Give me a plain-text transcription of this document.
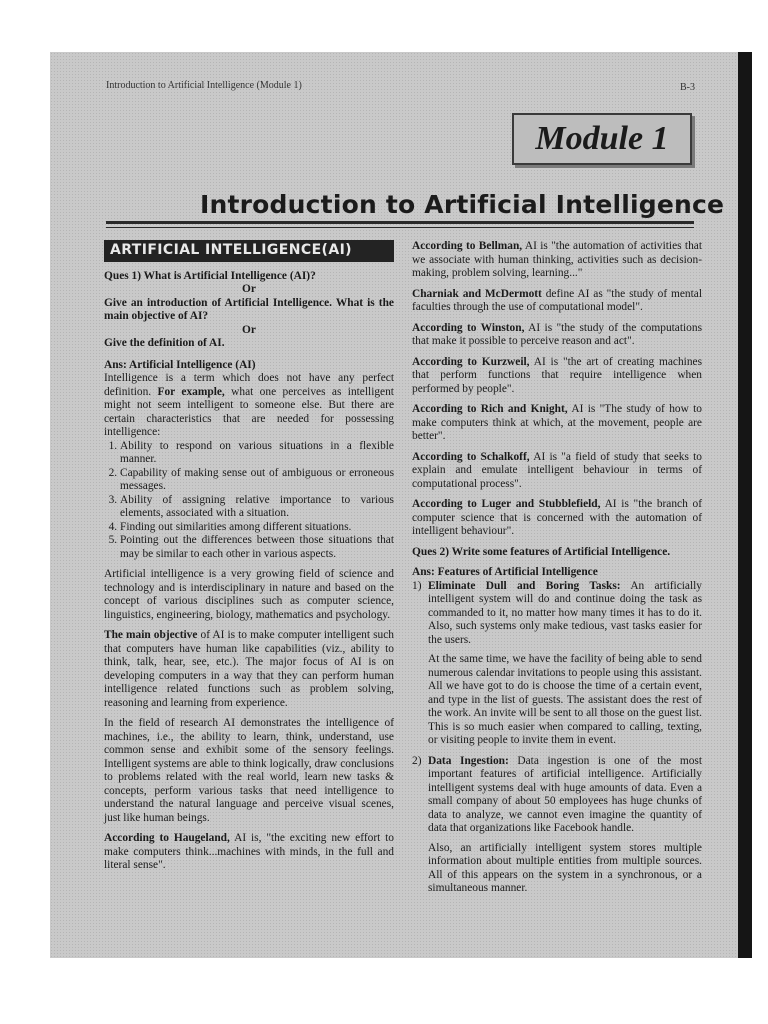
Introduction to Artificial Intelligence (Module 1)	B-3
Module 1
Introduction to Artificial Intelligence
ARTIFICIAL INTELLIGENCE(AI)

Ques 1) What is Artificial Intelligence (AI)?

Or

Give an introduction of Artificial Intelligence. What is the main objective of AI?

Or

Give the definition of AI.

Ans: Artificial Intelligence (AI)

Intelligence is a term which does not have any perfect definition. For example, what one perceives as intelligent might not seem intelligent to someone else. But there are certain characteristics that are needed for possessing intelligence:

1. Ability to respond on various situations in a flexible manner.
2. Capability of making sense out of ambiguous or erroneous messages.
3. Ability of assigning relative importance to various elements, associated with a situation.
4. Finding out similarities among different situations.
5. Pointing out the differences between those situations that may be similar to each other in various aspects.

Artificial intelligence is a very growing field of science and technology and is interdisciplinary in nature and based on the concept of various disciplines such as computer science, linguistics, engineering, biology, mathematics and psychology.

The main objective of AI is to make computer intelligent such that computers have human like capabilities (viz., ability to think, talk, hear, see, etc.). The major focus of AI is on developing computers in a way that they can perform human intelligence related functions such as problem solving, reasoning and learning from experience.

In the field of research AI demonstrates the intelligence of machines, i.e., the ability to learn, think, understand, use common sense and exhibit some of the sensory feelings. Intelligent systems are able to think logically, draw conclusions to problems related with the real world, learn new tasks & concepts, perform various tasks that need intelligence to understand the natural language and perceive visual scenes, just like human beings.

According to Haugeland, AI is, "the exciting new effort to make computers think...machines with minds, in the full and literal sense".

According to Bellman, AI is "the automation of activities that we associate with human thinking, activities such as decision-making, problem solving, learning..."

Charniak and McDermott define AI as "the study of mental faculties through the use of computational model".

According to Winston, AI is "the study of the computations that make it possible to perceive reason and act".

According to Kurzweil, AI is "the art of creating machines that perform functions that require intelligence when performed by people".

According to Rich and Knight, AI is "The study of how to make computers think at which, at the movement, people are better".

According to Schalkoff, AI is "a field of study that seeks to explain and emulate intelligent behaviour in terms of computational process".

According to Luger and Stubblefield, AI is "the branch of computer science that is concerned with the automation of intelligent behaviour".

Ques 2) Write some features of Artificial Intelligence.

Ans: Features of Artificial Intelligence

1) Eliminate Dull and Boring Tasks: An artificially intelligent system will do and continue doing the task as commanded to it, no matter how many times it has to do it. Also, such systems only make tedious, vast tasks easier for the users.

At the same time, we have the facility of being able to send numerous calendar invitations to people using this assistant. All we have got to do is choose the time of a certain event, and type in the list of guests. The assistant does the rest of the work. An invite will be sent to all those on the guest list. This is so much easier when compared to calling, texting, or visiting people to invite them in event.

2) Data Ingestion: Data ingestion is one of the most important features of artificial intelligence. Artificially intelligent systems deal with huge amounts of data. Even a small company of about 50 employees has huge chunks of data to analyze, we cannot even imagine the quantity of data that organizations like Facebook handle.

Also, an artificially intelligent system stores multiple information about multiple entities from multiple sources. All of this appears on the system in a synchronous, or a simultaneous manner.
